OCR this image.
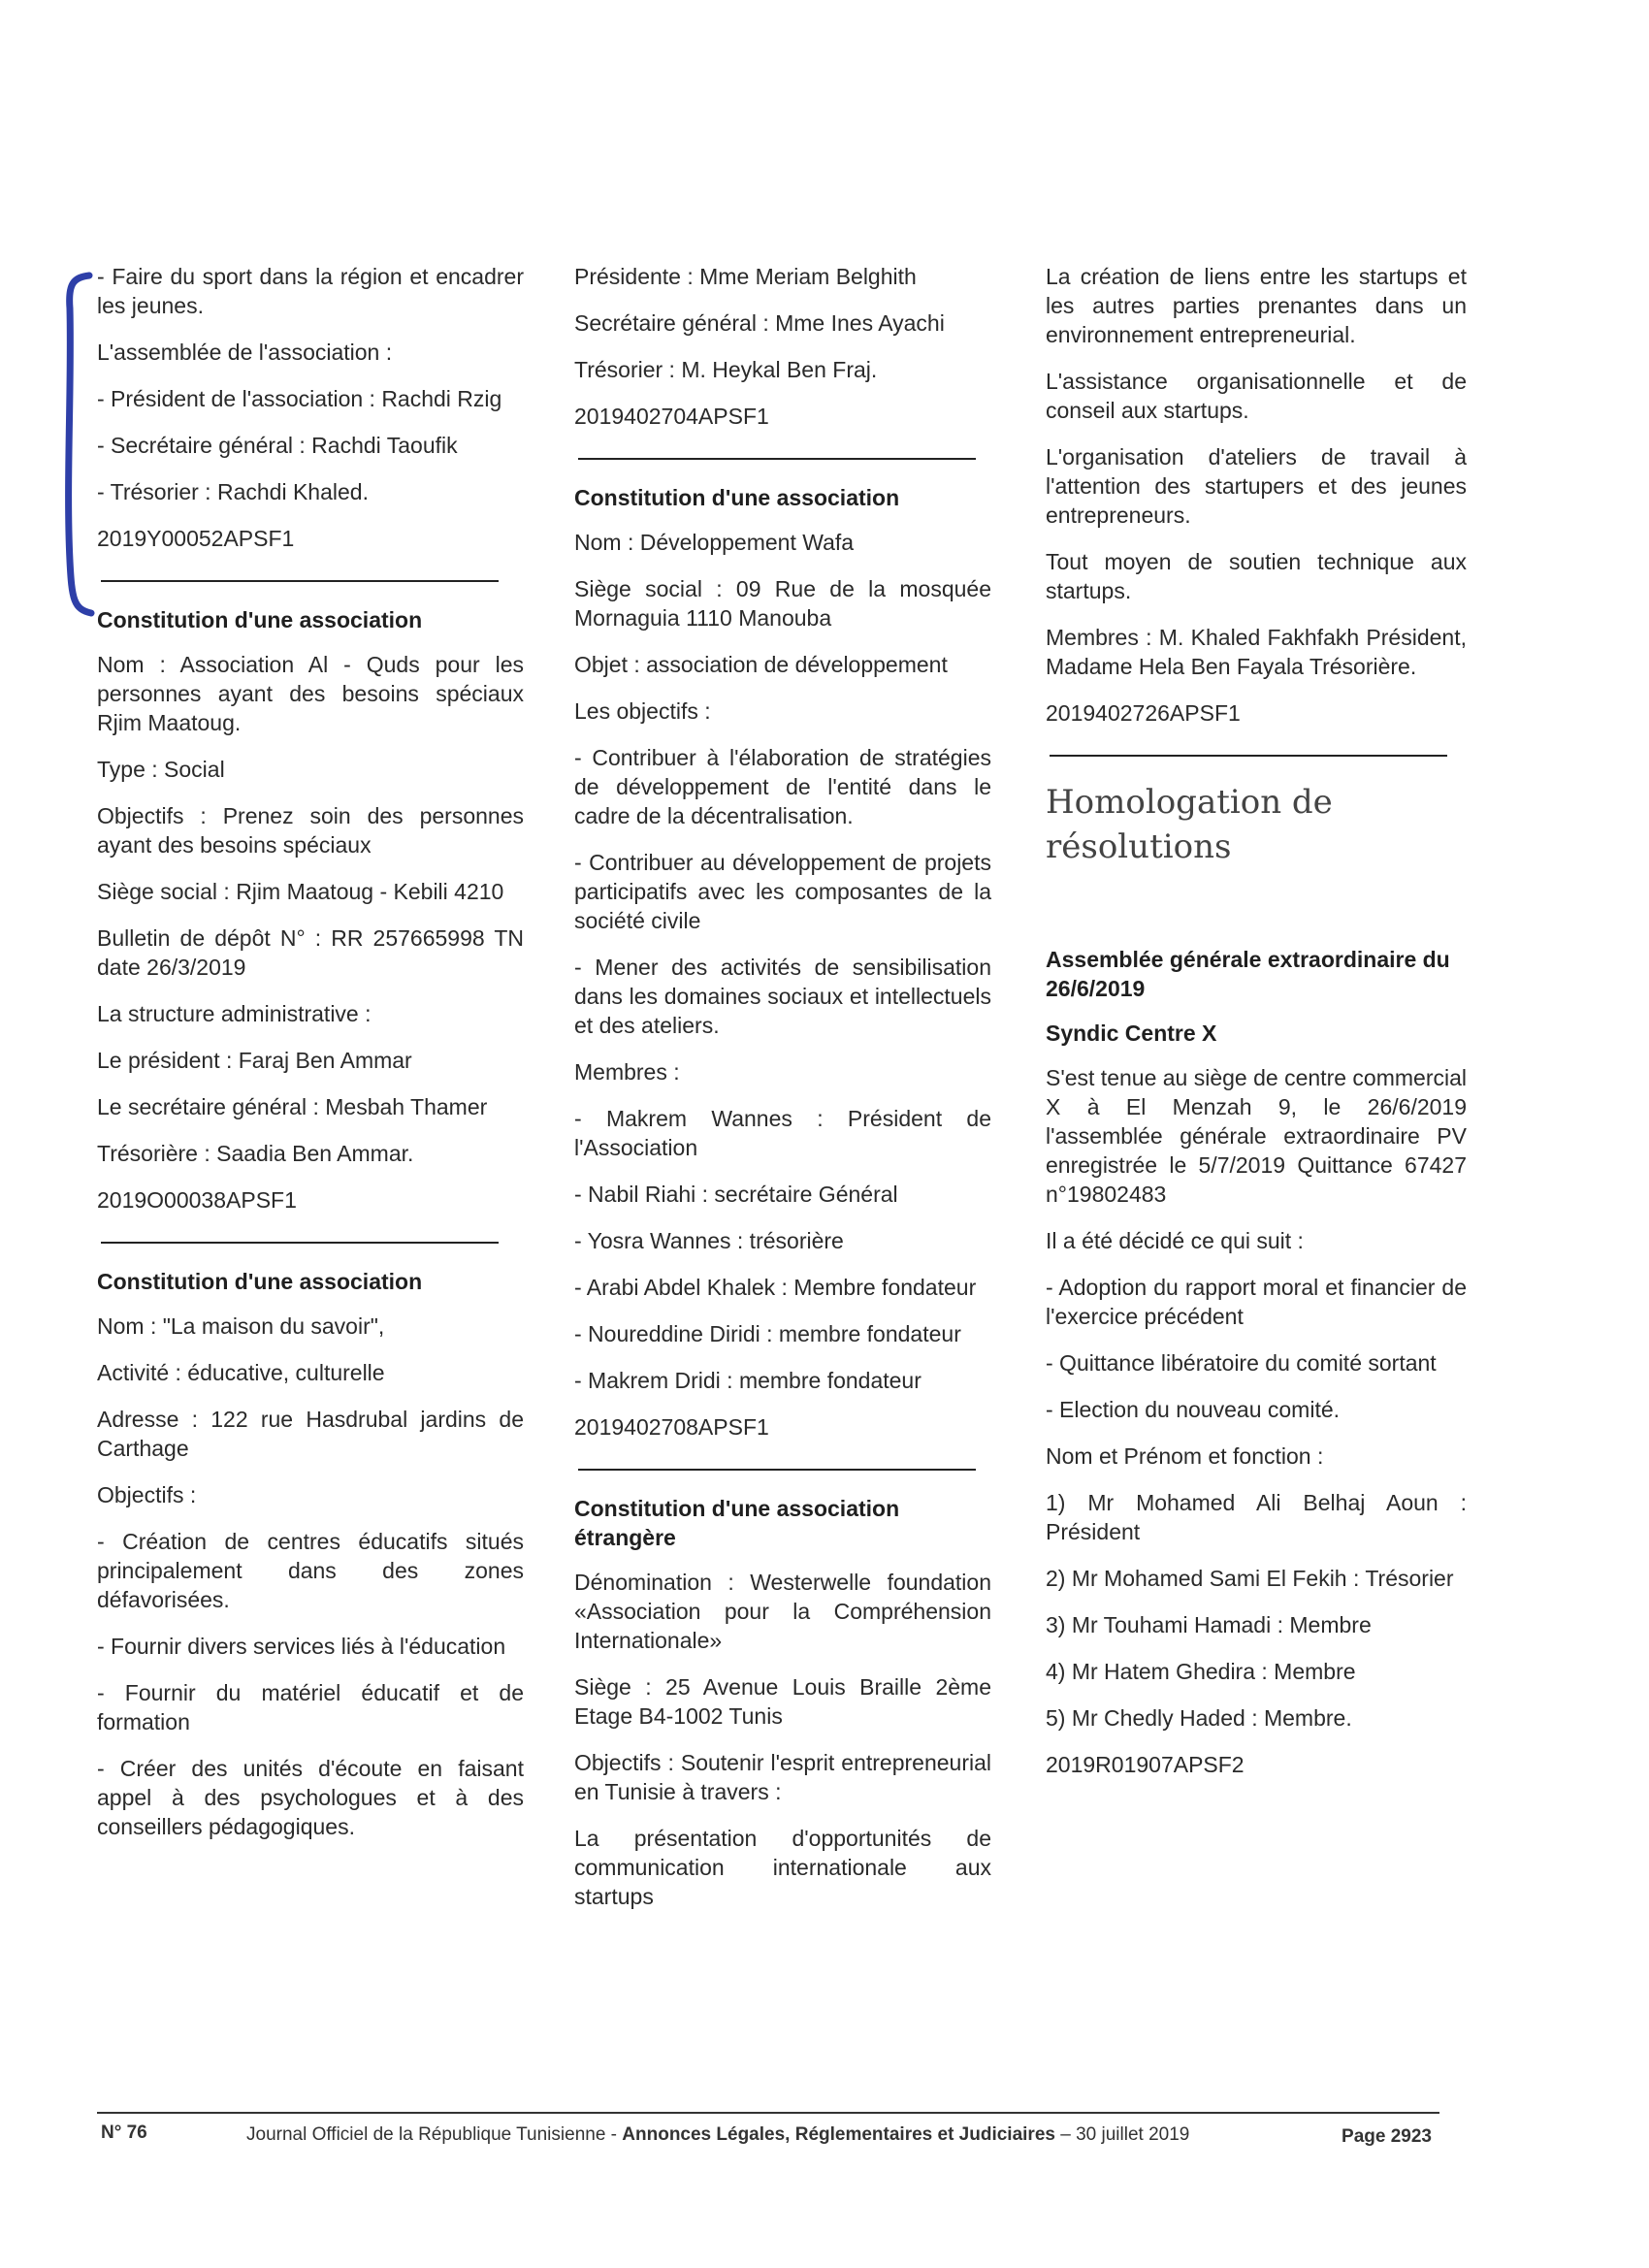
- Faire du sport dans la région et encadrer les jeunes.

L'assemblée de l'association :

- Président de l'association : Rachdi Rzig

- Secrétaire général : Rachdi Taoufik

- Trésorier : Rachdi Khaled.

2019Y00052APSF1

Constitution d'une association

Nom : Association Al - Quds pour les personnes ayant des besoins spéciaux Rjim Maatoug.

Type : Social

Objectifs : Prenez soin des personnes ayant des besoins spéciaux

Siège social : Rjim Maatoug - Kebili 4210

Bulletin de dépôt N° : RR 257665998 TN date 26/3/2019

La structure administrative :

Le président : Faraj Ben Ammar

Le secrétaire général : Mesbah Thamer

Trésorière : Saadia Ben Ammar.

2019O00038APSF1

Constitution d'une association

Nom : "La maison du savoir",

Activité : éducative, culturelle

Adresse : 122 rue Hasdrubal jardins de Carthage

Objectifs :

- Création de centres éducatifs situés principalement dans des zones défavorisées.

- Fournir divers services liés à l'éducation

- Fournir du matériel éducatif et de formation

- Créer des unités d'écoute en faisant appel à des psychologues et à des conseillers pédagogiques.

Présidente : Mme Meriam Belghith

Secrétaire général : Mme Ines Ayachi

Trésorier : M. Heykal Ben Fraj.

2019402704APSF1

Constitution d'une association

Nom : Développement Wafa

Siège social : 09 Rue de la mosquée Mornaguia 1110 Manouba

Objet : association de développement

Les objectifs :

- Contribuer à l'élaboration de stratégies de développement de l'entité dans le cadre de la décentralisation.

- Contribuer au développement de projets participatifs avec les composantes de la société civile

- Mener des activités de sensibilisation dans les domaines sociaux et intellectuels et des ateliers.

Membres :

- Makrem Wannes : Président de l'Association

- Nabil Riahi : secrétaire Général

- Yosra Wannes : trésorière

- Arabi Abdel Khalek : Membre fondateur

- Noureddine Diridi : membre fondateur

- Makrem Dridi : membre fondateur

2019402708APSF1

Constitution d'une association étrangère

Dénomination : Westerwelle foundation «Association pour la Compréhension Internationale»

Siège : 25 Avenue Louis Braille 2ème Etage B4-1002 Tunis

Objectifs : Soutenir l'esprit entrepreneurial en Tunisie à travers :

La présentation d'opportunités de communication internationale aux startups

La création de liens entre les startups et les autres parties prenantes dans un environnement entrepreneurial.

L'assistance organisationnelle et de conseil aux startups.

L'organisation d'ateliers de travail à l'attention des startupers et des jeunes entrepreneurs.

Tout moyen de soutien technique aux startups.

Membres : M. Khaled Fakhfakh Président, Madame Hela Ben Fayala Trésorière.

2019402726APSF1

Homologation de résolutions
Assemblée générale extraordinaire du 26/6/2019
Syndic Centre X

S'est tenue au siège de centre commercial X à El Menzah 9, le 26/6/2019 l'assemblée générale extraordinaire PV enregistrée le 5/7/2019 Quittance 67427 n°19802483

Il a été décidé ce qui suit :

- Adoption du rapport moral et financier de l'exercice précédent

- Quittance libératoire du comité sortant

- Election du nouveau comité.

Nom et Prénom et fonction :

1) Mr Mohamed Ali Belhaj Aoun : Président

2) Mr Mohamed Sami El Fekih : Trésorier

3) Mr Touhami Hamadi : Membre

4) Mr Hatem Ghedira : Membre

5) Mr Chedly Haded : Membre.

2019R01907APSF2

N° 76	Journal Officiel de la République Tunisienne - Annonces Légales, Réglementaires et Judiciaires – 30 juillet 2019	Page 2923
